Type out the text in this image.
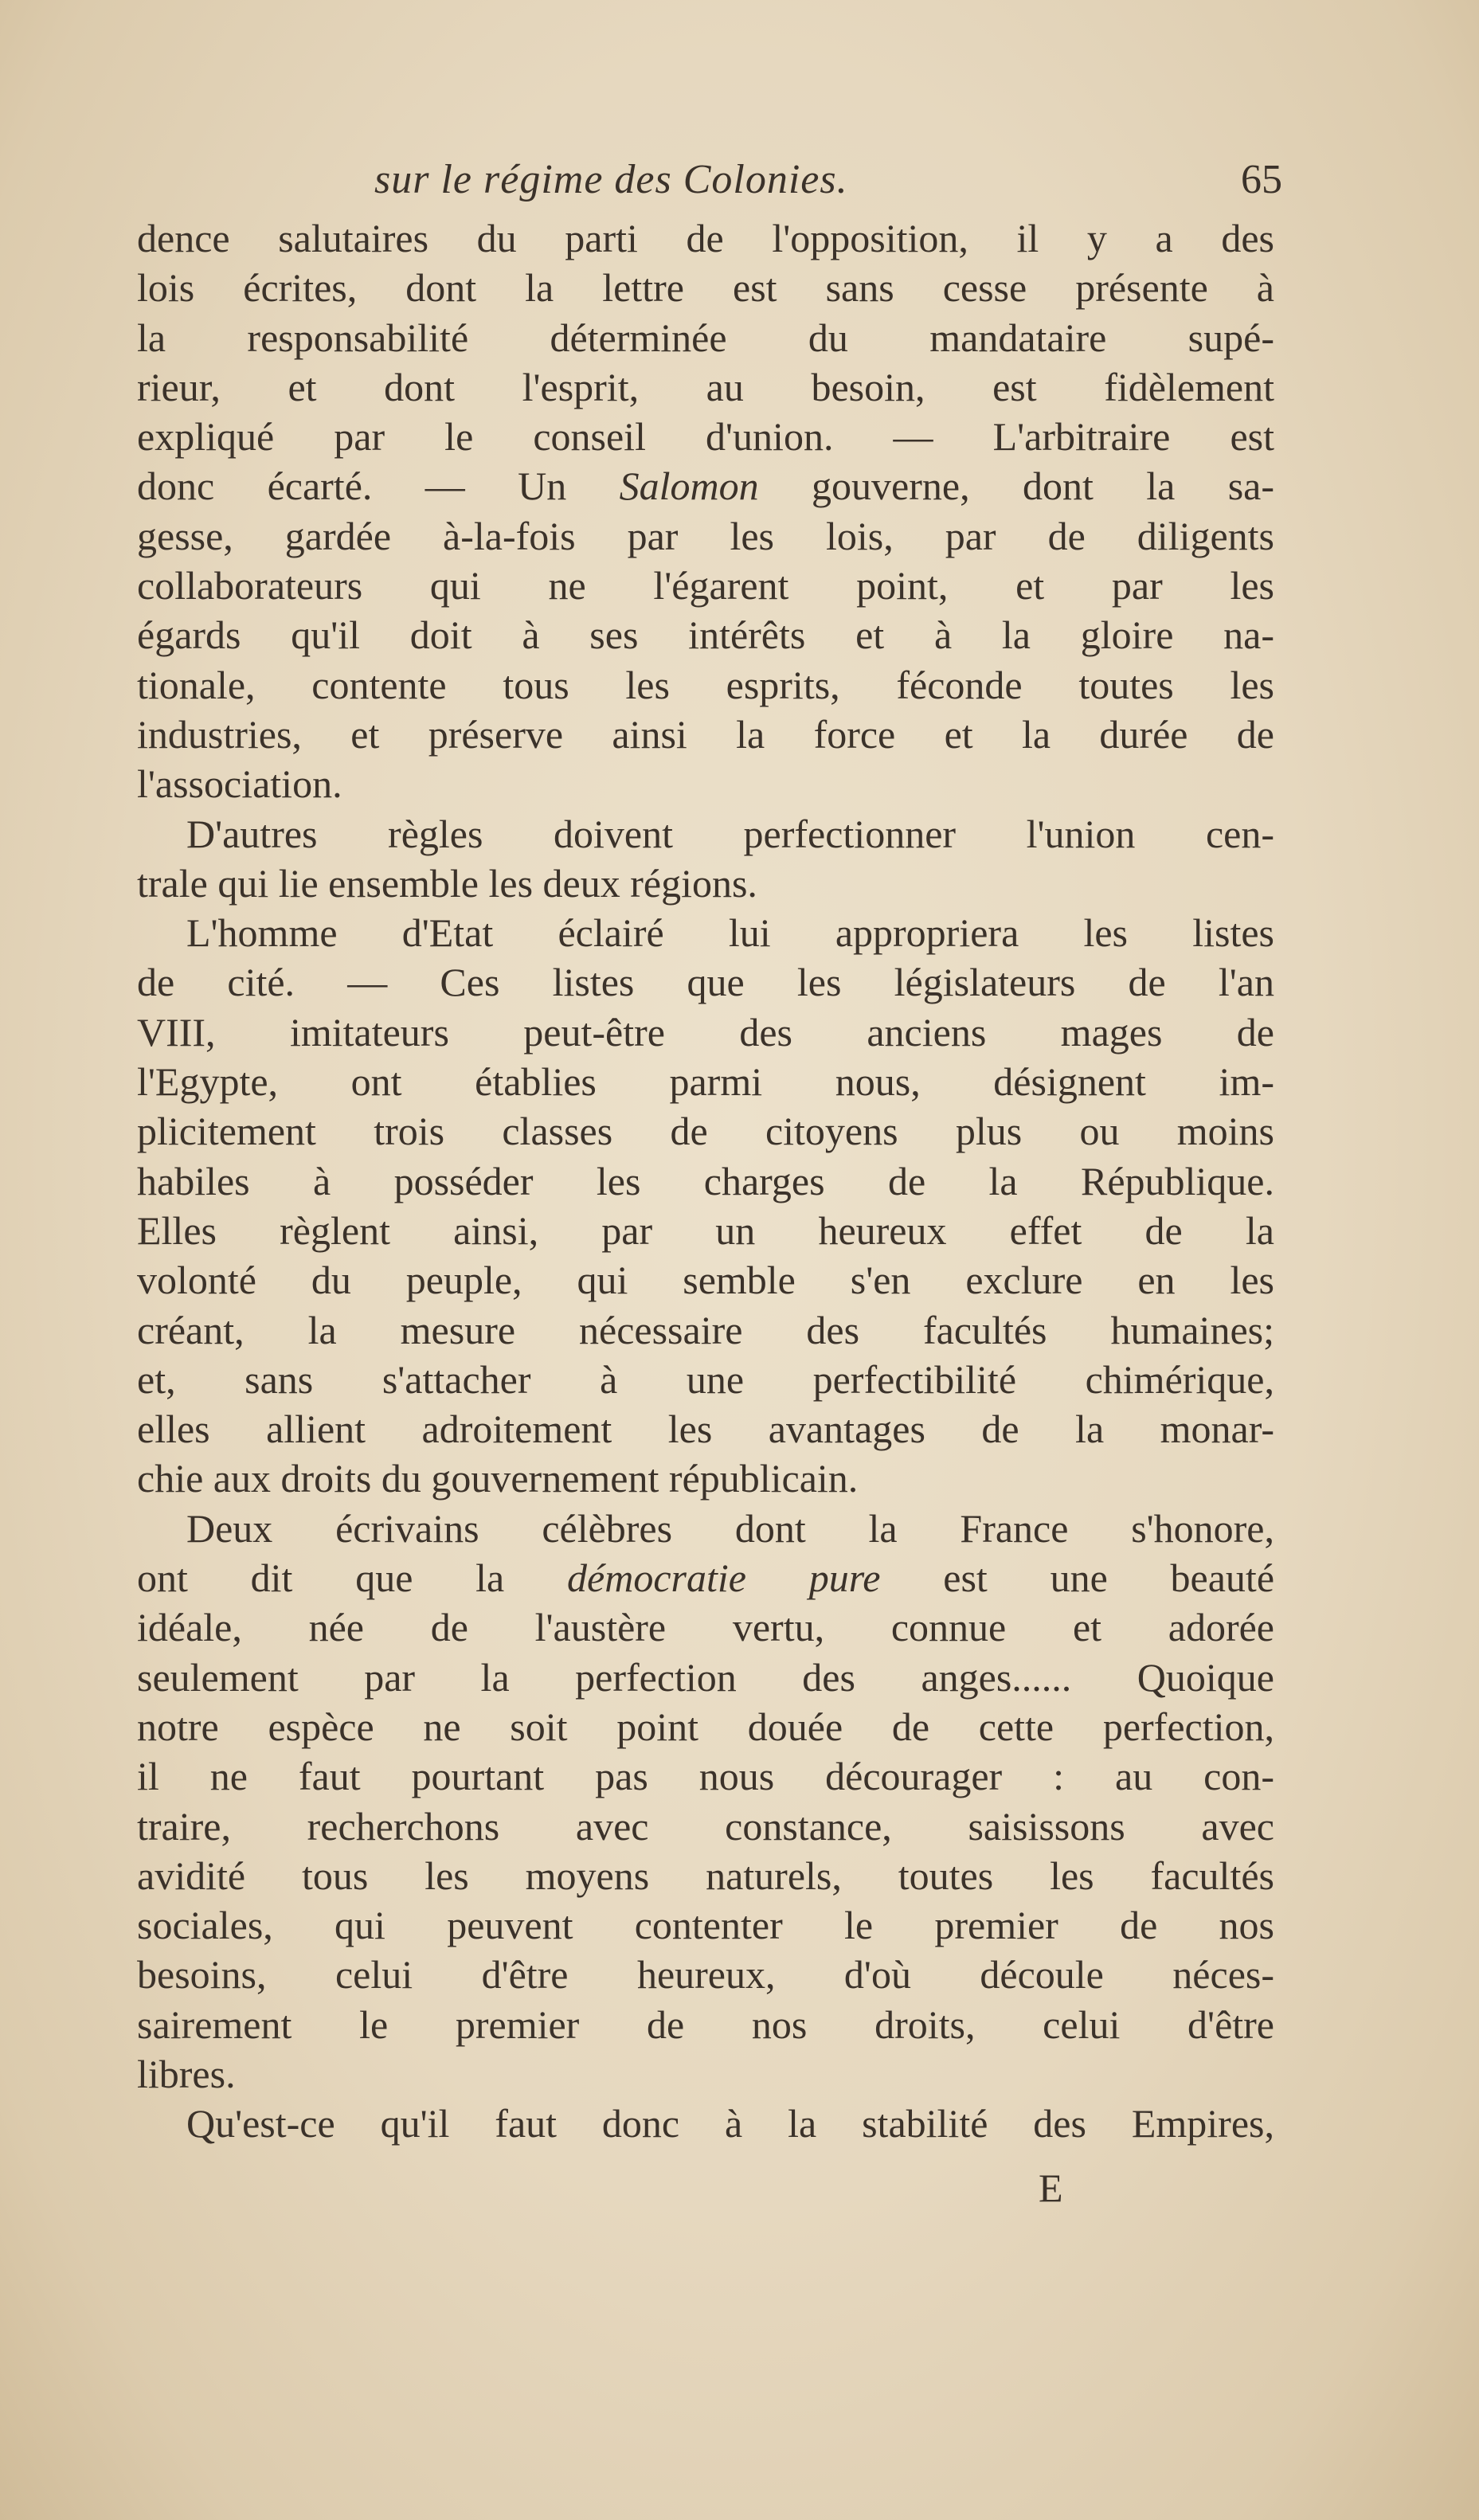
sur le régime des Colonies.	65
dence salutaires du parti de l'opposition, il y a des
lois écrites, dont la lettre est sans cesse présente à
la responsabilité déterminée du mandataire supé-
rieur, et dont l'esprit, au besoin, est fidèlement
expliqué par le conseil d'union. — L'arbitraire est
donc écarté. — Un Salomon gouverne, dont la sa-
gesse, gardée à-la-fois par les lois, par de diligents
collaborateurs qui ne l'égarent point, et par les
égards qu'il doit à ses intérêts et à la gloire na-
tionale, contente tous les esprits, féconde toutes les
industries, et préserve ainsi la force et la durée de
l'association.
D'autres règles doivent perfectionner l'union cen-
trale qui lie ensemble les deux régions.
L'homme d'Etat éclairé lui appropriera les listes
de cité. — Ces listes que les législateurs de l'an
VIII, imitateurs peut-être des anciens mages de
l'Egypte, ont établies parmi nous, désignent im-
plicitement trois classes de citoyens plus ou moins
habiles à posséder les charges de la République.
Elles règlent ainsi, par un heureux effet de la
volonté du peuple, qui semble s'en exclure en les
créant, la mesure nécessaire des facultés humaines;
et, sans s'attacher à une perfectibilité chimérique,
elles allient adroitement les avantages de la monar-
chie aux droits du gouvernement républicain.
Deux écrivains célèbres dont la France s'honore,
ont dit que la démocratie pure est une beauté
idéale, née de l'austère vertu, connue et adorée
seulement par la perfection des anges...... Quoique
notre espèce ne soit point douée de cette perfection,
il ne faut pourtant pas nous décourager : au con-
traire, recherchons avec constance, saisissons avec
avidité tous les moyens naturels, toutes les facultés
sociales, qui peuvent contenter le premier de nos
besoins, celui d'être heureux, d'où découle néces-
sairement le premier de nos droits, celui d'être
libres.
Qu'est-ce qu'il faut donc à la stabilité des Empires,
E
